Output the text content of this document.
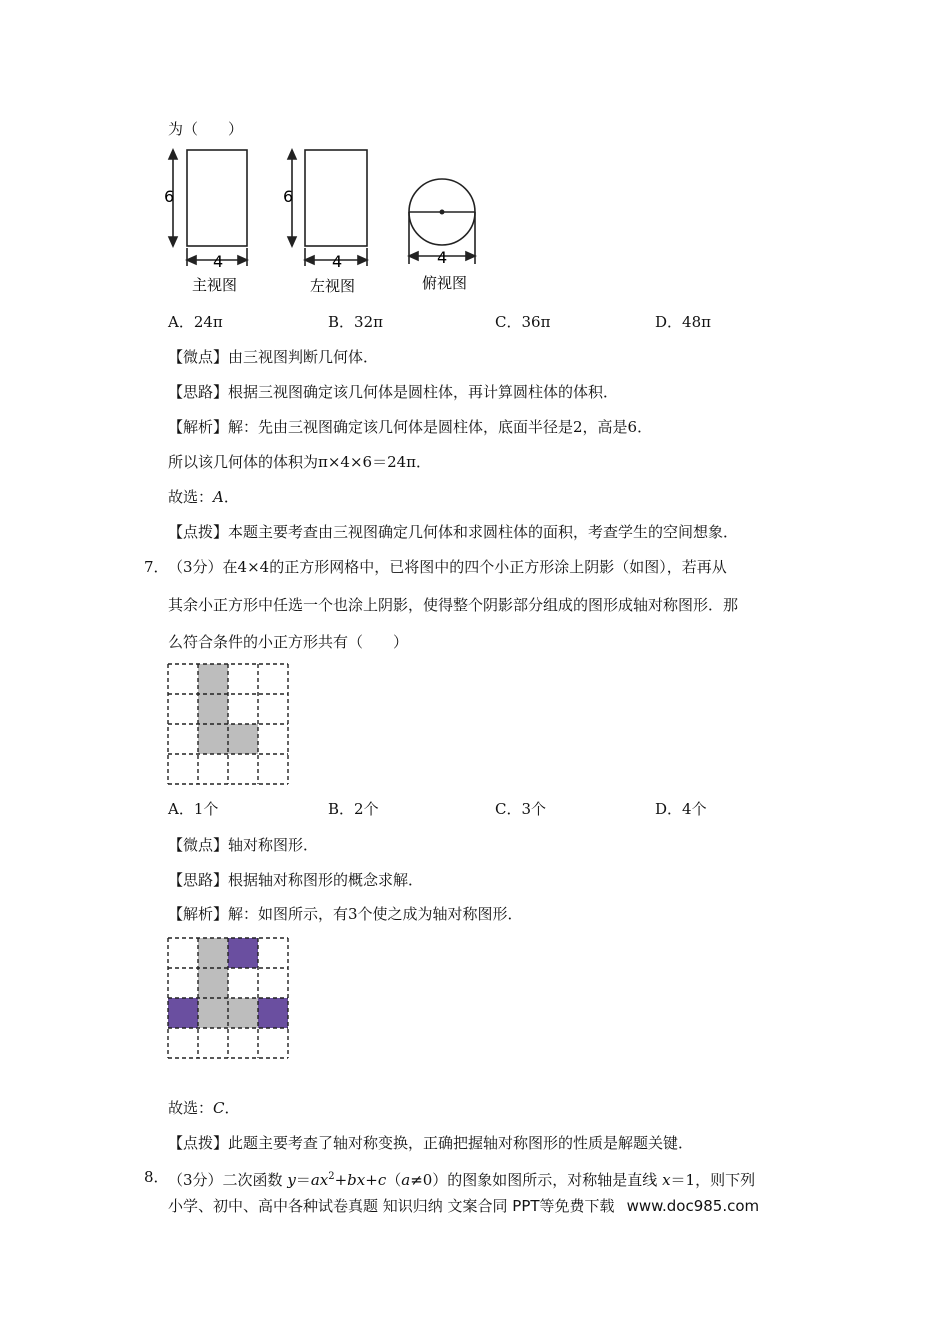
为（　　）
6
4
主视图
6
4
左视图
4
俯视图
A．24π	B．32π	C．36π	D．48π
【微点】由三视图判断几何体．
【思路】根据三视图确定该几何体是圆柱体，再计算圆柱体的体积．
【解析】解：先由三视图确定该几何体是圆柱体，底面半径是2，高是6．
所以该几何体的体积为π×4×6＝24π．
故选：A．
【点拨】本题主要考查由三视图确定几何体和求圆柱体的面积，考查学生的空间想象．
7． （3分）在4×4的正方形网格中，已将图中的四个小正方形涂上阴影（如图），若再从
其余小正方形中任选一个也涂上阴影，使得整个阴影部分组成的图形成轴对称图形．那
么符合条件的小正方形共有（　　）
A．1个	B．2个	C．3个	D．4个
【微点】轴对称图形．
【思路】根据轴对称图形的概念求解．
【解析】解：如图所示，有3个使之成为轴对称图形．
故选：C．
【点拨】此题主要考查了轴对称变换，正确把握轴对称图形的性质是解题关键．
8． （3分）二次函数 $y=ax^2+bx+c(a\ne 0)$的图象如图所示，对称轴是直线 x＝1，则下列
小学、初中、高中各种试卷真题 知识归纳 文案合同 PPT等免费下载 www.doc985.com
